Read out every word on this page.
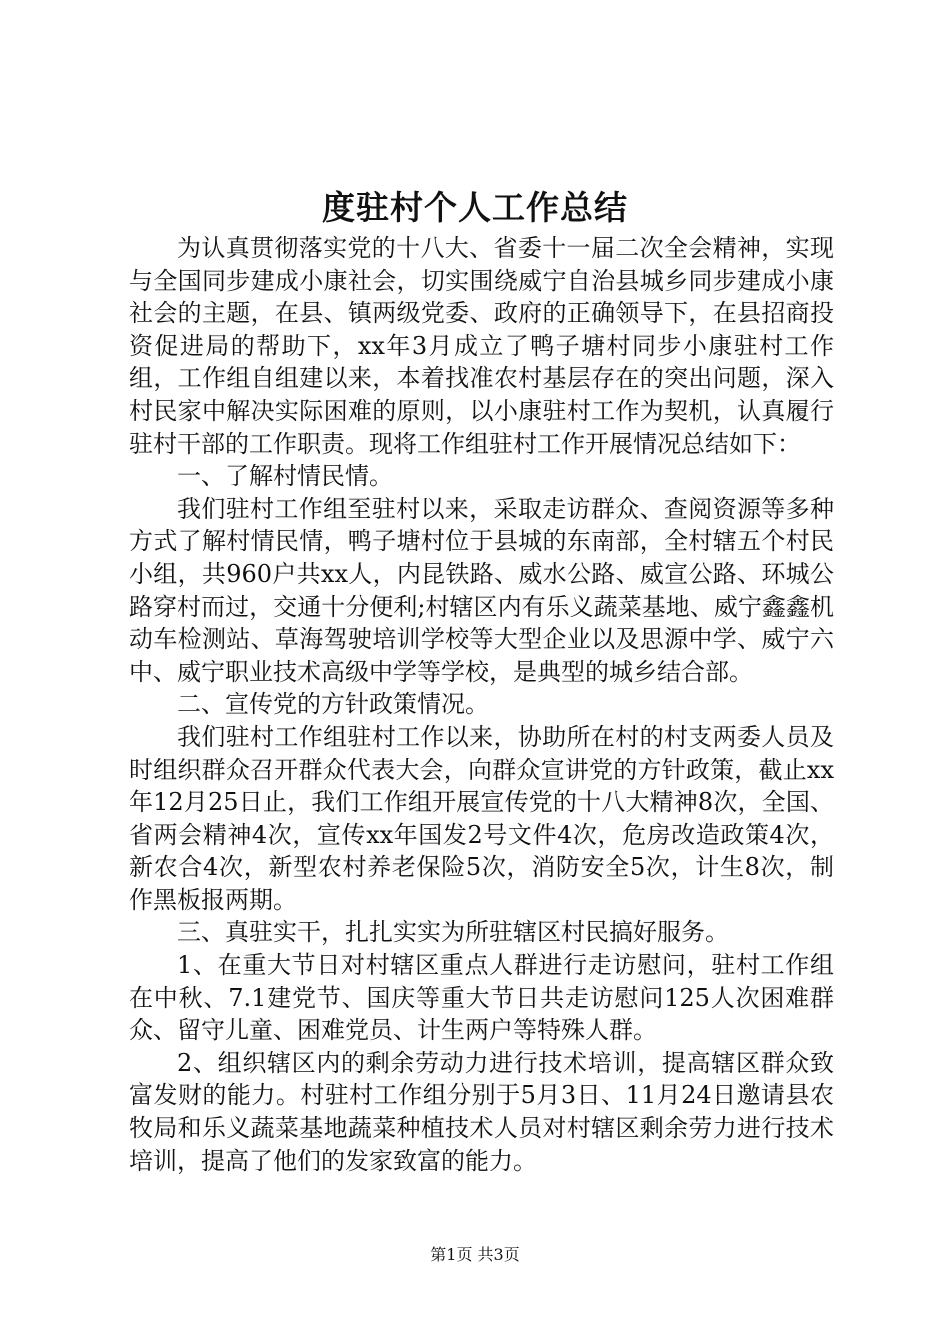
度驻村个人工作总结

为认真贯彻落实党的十八大、省委十一届二次全会精神，实现与全国同步建成小康社会，切实围绕威宁自治县城乡同步建成小康社会的主题，在县、镇两级党委、政府的正确领导下，在县招商投资促进局的帮助下，xx年3月成立了鸭子塘村同步小康驻村工作组，工作组自组建以来，本着找准农村基层存在的突出问题，深入村民家中解决实际困难的原则，以小康驻村工作为契机，认真履行驻村干部的工作职责。现将工作组驻村工作开展情况总结如下：

一、了解村情民情。

我们驻村工作组至驻村以来，采取走访群众、查阅资源等多种方式了解村情民情，鸭子塘村位于县城的东南部，全村辖五个村民小组，共960户共xx人，内昆铁路、威水公路、威宣公路、环城公路穿村而过，交通十分便利;村辖区内有乐义蔬菜基地、威宁鑫鑫机动车检测站、草海驾驶培训学校等大型企业以及思源中学、威宁六中、威宁职业技术高级中学等学校，是典型的城乡结合部。

二、宣传党的方针政策情况。

我们驻村工作组驻村工作以来，协助所在村的村支两委人员及时组织群众召开群众代表大会，向群众宣讲党的方针政策，截止xx年12月25日止，我们工作组开展宣传党的十八大精神8次，全国、省两会精神4次，宣传xx年国发2号文件4次，危房改造政策4次，新农合4次，新型农村养老保险5次，消防安全5次，计生8次，制作黑板报两期。

三、真驻实干，扎扎实实为所驻辖区村民搞好服务。

1、在重大节日对村辖区重点人群进行走访慰问，驻村工作组在中秋、7.1建党节、国庆等重大节日共走访慰问125人次困难群众、留守儿童、困难党员、计生两户等特殊人群。

2、组织辖区内的剩余劳动力进行技术培训，提高辖区群众致富发财的能力。村驻村工作组分别于5月3日、11月24日邀请县农牧局和乐义蔬菜基地蔬菜种植技术人员对村辖区剩余劳力进行技术培训，提高了他们的发家致富的能力。

第1页 共3页
